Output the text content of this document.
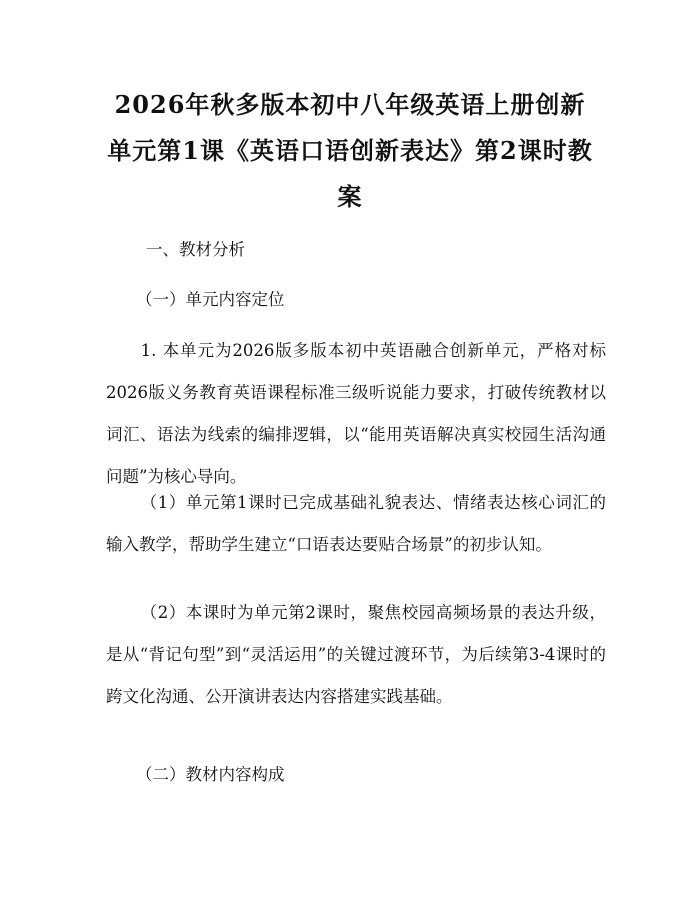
2026年秋多版本初中八年级英语上册创新单元第1课《英语口语创新表达》第2课时教案

一、教材分析

（一）单元内容定位

1. 本单元为2026版多版本初中英语融合创新单元，严格对标2026版义务教育英语课程标准三级听说能力要求，打破传统教材以词汇、语法为线索的编排逻辑，以“能用英语解决真实校园生活沟通问题”为核心导向。

（1）单元第1课时已完成基础礼貌表达、情绪表达核心词汇的输入教学，帮助学生建立“口语表达要贴合场景”的初步认知。

（2）本课时为单元第2课时，聚焦校园高频场景的表达升级，是从“背记句型”到“灵活运用”的关键过渡环节，为后续第3-4课时的跨文化沟通、公开演讲表达内容搭建实践基础。

（二）教材内容构成
